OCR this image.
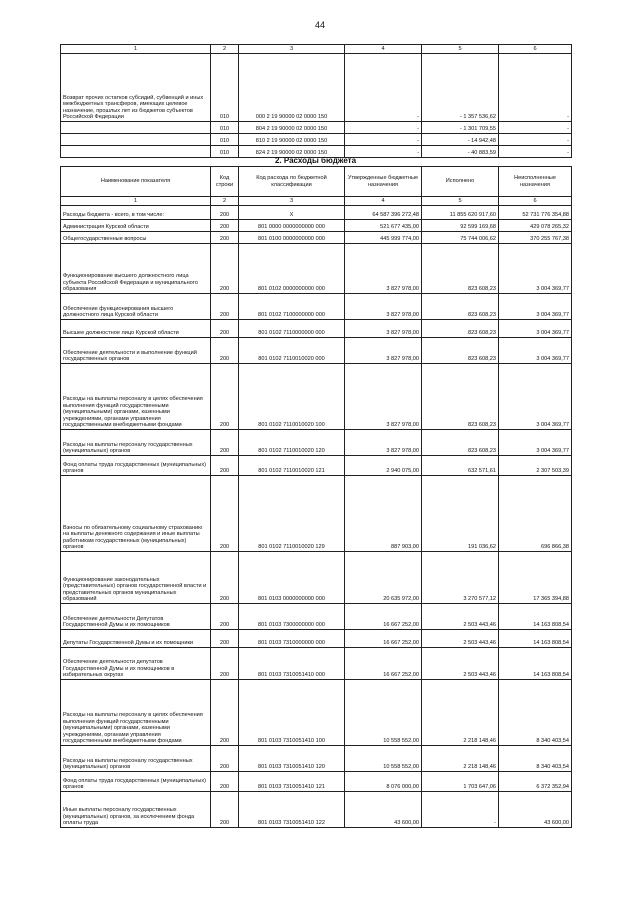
44
1	2	3	4	5	6
Возврат прочих остатков субсидий, субвенций и иных межбюджетных трансферов, имеющих целевое назначение, прошлых лет из бюджетов субъектов Российской Федерации	010	000 2 19 90000 02 0000 150	-	- 1 357 536,62	-
	010	804 2 19 90000 02 0000 150	-	- 1 301 709,55	-
	010	810 2 19 90000 02 0000 150	-	- 14 942,48	-
	010	824 2 19 90000 02 0000 150	-	- 40 883,59	-
2. Расходы бюджета
Наименование показателя	Код строки	Код расхода по бюджетной классификации	Утвержденные бюджетные назначения	Исполнено	Неисполненные назначения
1	2	3	4	5	6
Расходы бюджета - всего, в том числе:	200	X	64 587 396 272,48	11 855 620 917,60	52 731 776 354,88
Администрация Курской области	200	801 0000 0000000000 000	521 677 435,00	92 599 169,68	429 078 265,32
Общегосударственные вопросы	200	801 0100 0000000000 000	445 999 774,00	75 744 006,62	370 255 767,38
Функционирование высшего должностного лица субъекта Российской Федерации и муниципального образования	200	801 0102 0000000000 000	3 827 978,00	823 608,23	3 004 369,77
Обеспечение функционирования высшего должностного лица Курской области	200	801 0102 7100000000 000	3 827 978,00	823 608,23	3 004 369,77
Высшее должностное лицо Курской области	200	801 0102 7110000000 000	3 827 978,00	823 608,23	3 004 369,77
Обеспечение деятельности и выполнение функций государственных органов	200	801 0102 7110010020 000	3 827 978,00	823 608,23	3 004 369,77
Расходы на выплаты персоналу в целях обеспечения выполнения функций государственными (муниципальными) органами, казенными учреждениями, органами управления государственными внебюджетными фондами	200	801 0102 7110010020 100	3 827 978,00	823 608,23	3 004 369,77
Расходы на выплаты персоналу государственных (муниципальных) органов	200	801 0102 7110010020 120	3 827 978,00	823 608,23	3 004 369,77
Фонд оплаты труда государственных (муниципальных) органов	200	801 0102 7110010020 121	2 940 075,00	632 571,61	2 307 503,39
Взносы по обязательному социальному страхованию на выплаты денежного содержания и иные выплаты работникам государственных (муниципальных) органов	200	801 0102 7110010020 129	887 903,00	191 036,62	696 866,38
Функционирование законодательных (представительных) органов государственной власти и представительных органов муниципальных образований	200	801 0103 0000000000 000	20 635 972,00	3 270 577,12	17 365 394,88
Обеспечение деятельности Депутатов Государственной Думы и их помощников	200	801 0103 7300000000 000	16 667 252,00	2 503 443,46	14 163 808,54
Депутаты Государственной Думы и их помощники	200	801 0103 7310000000 000	16 667 252,00	2 503 443,46	14 163 808,54
Обеспечение деятельности депутатов Государственной Думы и их помощников в избирательных округах	200	801 0103 7310051410 000	16 667 252,00	2 503 443,46	14 163 808,54
Расходы на выплаты персоналу в целях обеспечения выполнения функций государственными (муниципальными) органами, казенными учреждениями, органами управления государственными внебюджетными фондами	200	801 0103 7310051410 100	10 558 552,00	2 218 148,46	8 340 403,54
Расходы на выплаты персоналу государственных (муниципальных) органов	200	801 0103 7310051410 120	10 558 552,00	2 218 148,46	8 340 403,54
Фонд оплаты труда государственных (муниципальных) органов	200	801 0103 7310051410 121	8 076 000,00	1 703 647,06	6 372 352,94
Иные выплаты персоналу государственных (муниципальных) органов, за исключением фонда оплаты труда	200	801 0103 7310051410 122	43 600,00	-	43 600,00
